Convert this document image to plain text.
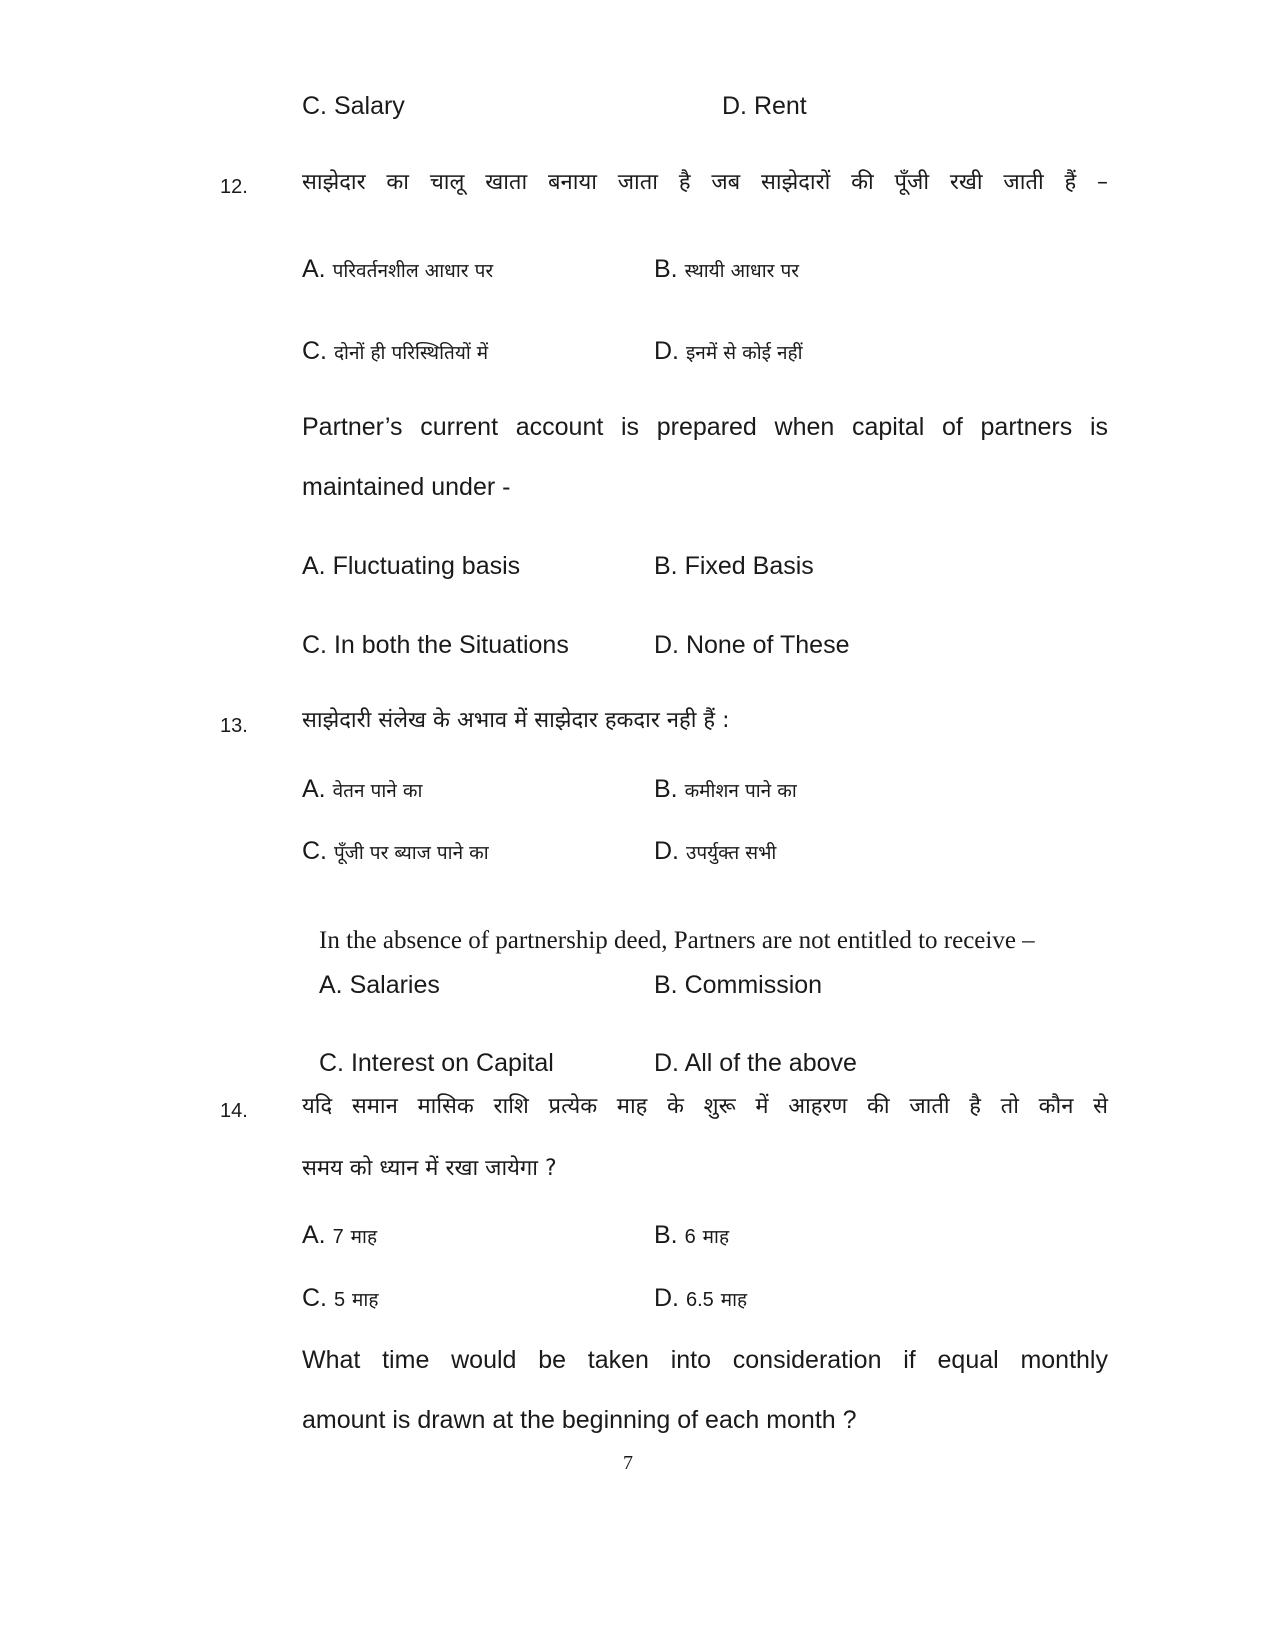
C. Salary	D. Rent
12. साझेदार का चालू खाता बनाया जाता है जब साझेदारों की पूँजी रखी जाती हैं –
A. परिवर्तनशील आधार पर	B. स्थायी आधार पर
C. दोनों ही परिस्थितियों में	D. इनमें से कोई नहीं
Partner’s current account is prepared when capital of partners is
maintained under -
A. Fluctuating basis	B. Fixed Basis
C. In both the Situations	D. None of These
13. साझेदारी संलेख के अभाव में साझेदार हकदार नही हैं :
A. वेतन पाने का	B. कमीशन पाने का
C. पूँजी पर ब्याज पाने का	D. उपर्युक्त सभी
In the absence of partnership deed, Partners are not entitled to receive –
A. Salaries	B. Commission
C. Interest on Capital	D. All of the above
14. यदि समान मासिक राशि प्रत्येक माह के शुरू में आहरण की जाती है तो कौन से
समय को ध्यान में रखा जायेगा ?
A. 7 माह	B. 6 माह
C. 5 माह	D. 6.5 माह
What time would be taken into consideration if equal monthly
amount is drawn at the beginning of each month ?
7
